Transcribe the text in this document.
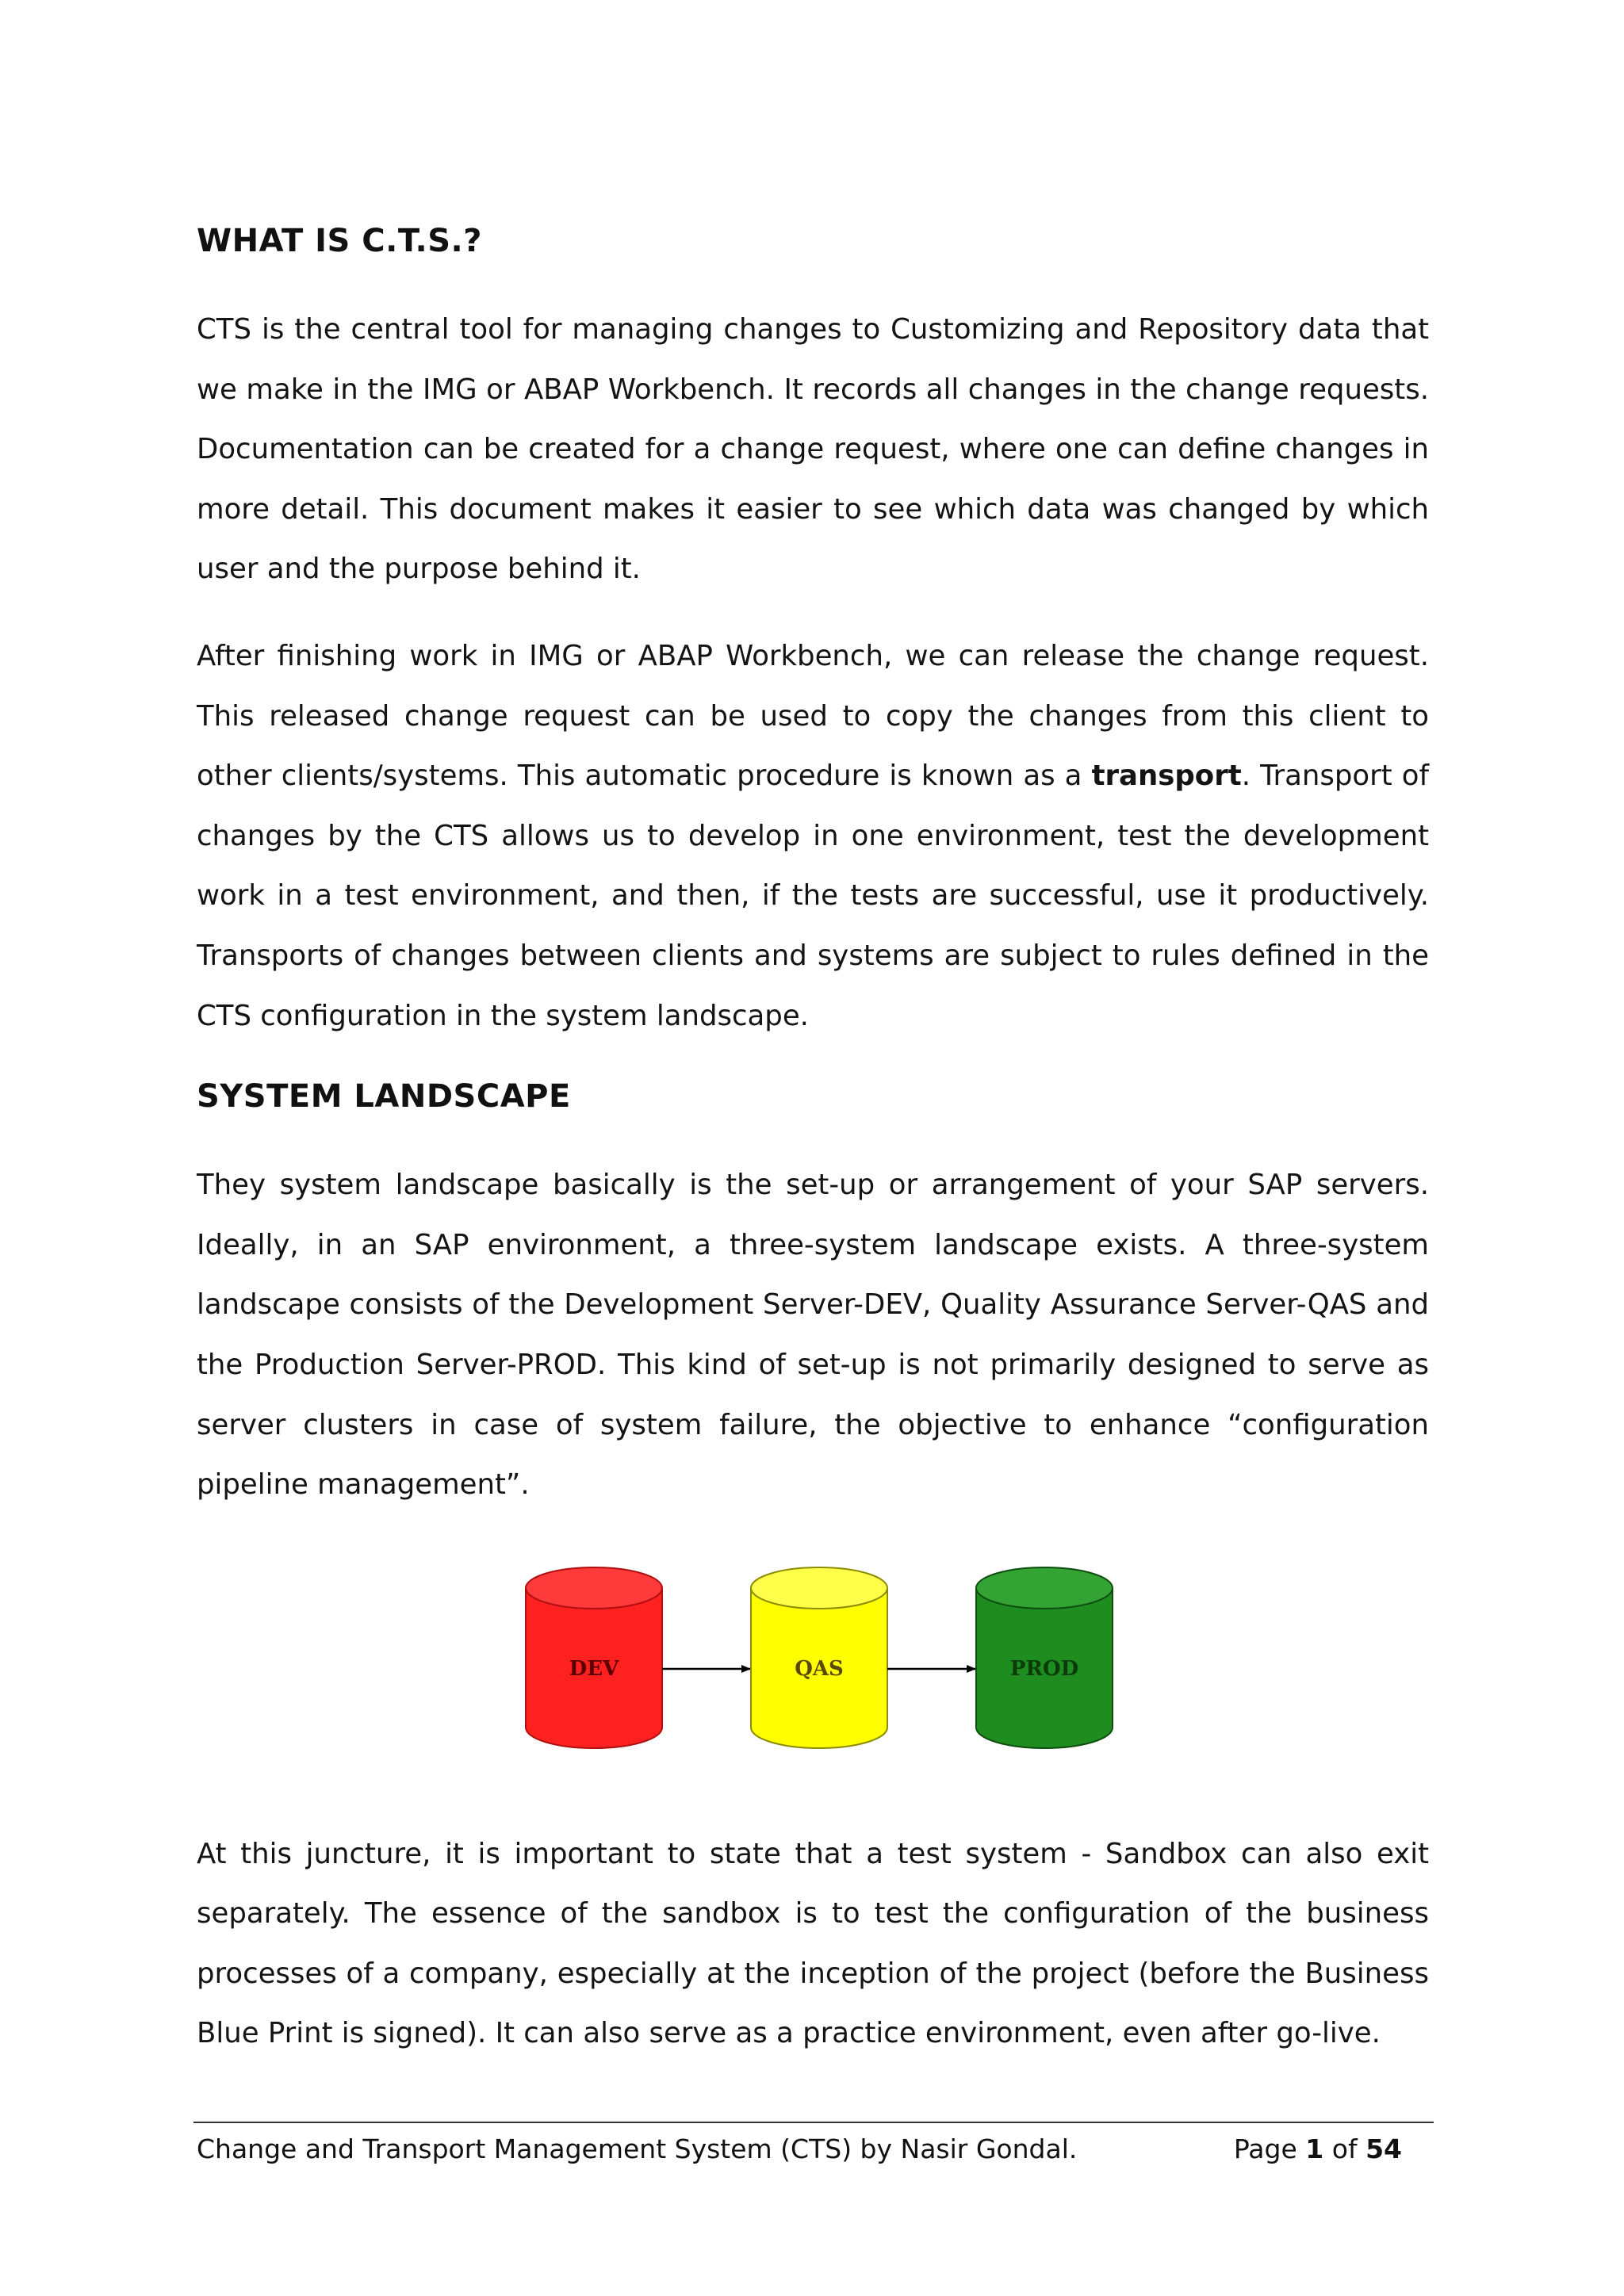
WHAT IS C.T.S.?

CTS is the central tool for managing changes to Customizing and Repository data that we make in the IMG or ABAP Workbench. It records all changes in the change requests. Documentation can be created for a change request, where one can define changes in more detail. This document makes it easier to see which data was changed by which user and the purpose behind it.

After finishing work in IMG or ABAP Workbench, we can release the change request. This released change request can be used to copy the changes from this client to other clients/systems. This automatic procedure is known as a transport. Transport of changes by the CTS allows us to develop in one environment, test the development work in a test environment, and then, if the tests are successful, use it productively. Transports of changes between clients and systems are subject to rules defined in the CTS configuration in the system landscape.

SYSTEM LANDSCAPE

They system landscape basically is the set-up or arrangement of your SAP servers. Ideally, in an SAP environment, a three-system landscape exists. A three-system landscape consists of the Development Server-DEV, Quality Assurance Server-QAS and the Production Server-PROD. This kind of set-up is not primarily designed to serve as server clusters in case of system failure, the objective to enhance “configuration pipeline management”.

DEV	QAS	PROD

At this juncture, it is important to state that a test system - Sandbox can also exit separately. The essence of the sandbox is to test the configuration of the business processes of a company, especially at the inception of the project (before the Business Blue Print is signed). It can also serve as a practice environment, even after go-live.

Change and Transport Management System (CTS) by Nasir Gondal.	Page 1 of 54
